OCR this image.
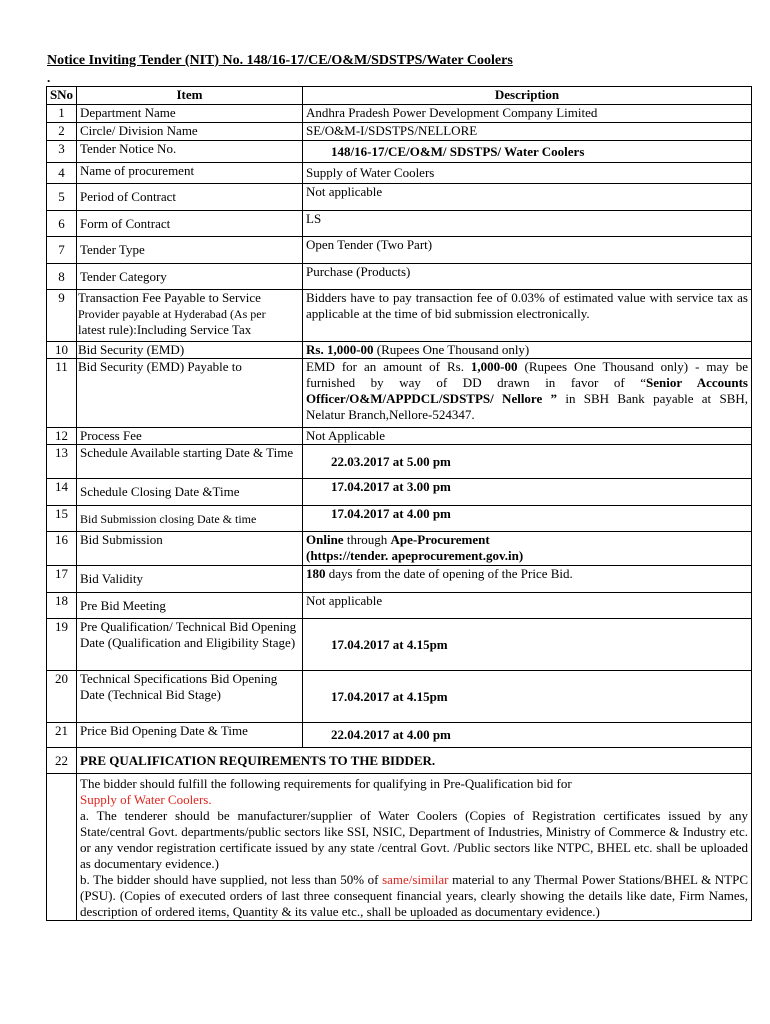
Notice Inviting Tender (NIT) No. 148/16-17/CE/O&M/SDSTPS/Water Coolers
.
SNo	Item	Description
1	Department Name	Andhra Pradesh Power Development Company Limited
2	Circle/ Division Name	SE/O&M-I/SDSTPS/NELLORE
3	Tender Notice No.	148/16-17/CE/O&M/ SDSTPS/ Water Coolers
4	Name of procurement	Supply of Water Coolers
5	Period of Contract	Not applicable
6	Form of Contract	LS
7	Tender Type	Open Tender (Two Part)
8	Tender Category	Purchase (Products)
9	Transaction Fee Payable to Service
Provider payable at Hyderabad (As per
latest rule):Including Service Tax	Bidders have to pay transaction fee of 0.03% of estimated value with service tax as applicable at the time of bid submission electronically.
10	Bid Security (EMD)	Rs. 1,000-00 (Rupees One Thousand only)
11	Bid Security (EMD) Payable to	EMD for an amount of Rs. 1,000-00 (Rupees One Thousand only) - may be furnished by way of DD drawn in favor of “Senior Accounts Officer/O&M/APPDCL/SDSTPS/ Nellore ” in SBH Bank payable at SBH, Nelatur Branch,Nellore-524347.
12	Process Fee	Not Applicable
13	Schedule Available starting Date & Time	22.03.2017 at 5.00 pm
14	Schedule Closing Date &Time	17.04.2017 at 3.00 pm
15	Bid Submission closing Date & time	17.04.2017 at 4.00 pm
16	Bid Submission	Online through Ape-Procurement
(https://tender. apeprocurement.gov.in)
17	Bid Validity	180 days from the date of opening of the Price Bid.
18	Pre Bid Meeting	Not applicable
19	Pre Qualification/ Technical Bid Opening Date (Qualification and Eligibility Stage)	17.04.2017 at 4.15pm
20	Technical Specifications Bid Opening Date (Technical Bid Stage)	17.04.2017 at 4.15pm
21	Price Bid Opening Date & Time	22.04.2017 at 4.00 pm
22	PRE QUALIFICATION REQUIREMENTS TO THE BIDDER.	

	The bidder should fulfill the following requirements for qualifying in Pre-Qualification bid for
Supply of Water Coolers.
a. The tenderer should be manufacturer/supplier of Water Coolers (Copies of Registration certificates issued by any State/central Govt. departments/public sectors like SSI, NSIC, Department of Industries, Ministry of Commerce & Industry etc. or any vendor registration certificate issued by any state /central Govt. /Public sectors like NTPC, BHEL etc. shall be uploaded as documentary evidence.)
b. The bidder should have supplied, not less than 50% of same/similar material to any Thermal Power Stations/BHEL & NTPC (PSU). (Copies of executed orders of last three consequent financial years, clearly showing the details like date, Firm Names, description of ordered items, Quantity & its value etc., shall be uploaded as documentary evidence.)	
